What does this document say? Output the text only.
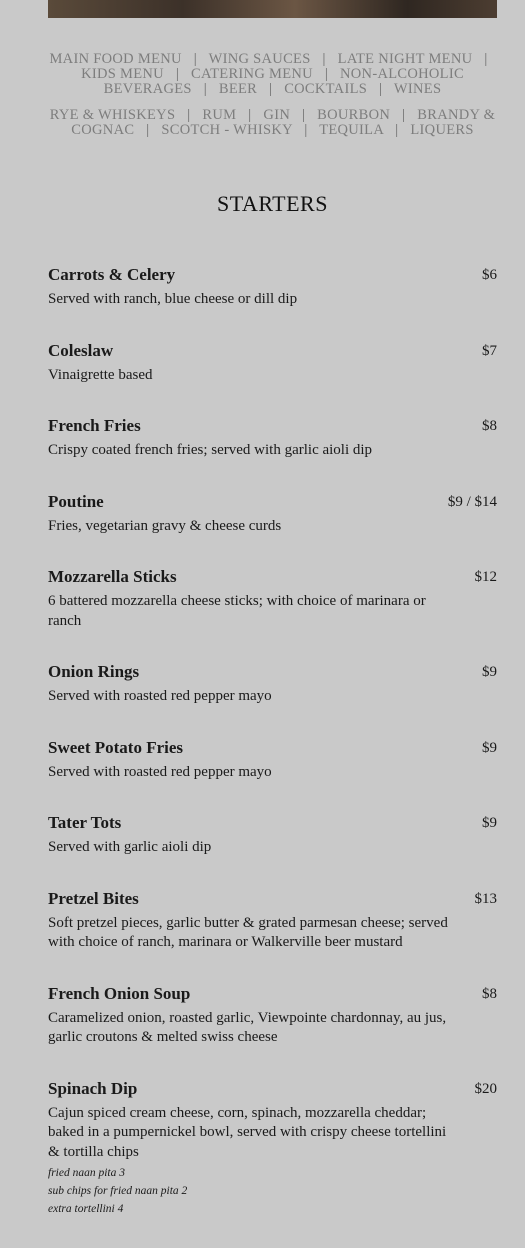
MAIN FOOD MENU | WING SAUCES | LATE NIGHT MENU | KIDS MENU | CATERING MENU | NON-ALCOHOLIC BEVERAGES | BEER | COCKTAILS | WINES
RYE & WHISKEYS | RUM | GIN | BOURBON | BRANDY & COGNAC | SCOTCH - WHISKY | TEQUILA | LIQUERS
STARTERS
Carrots & Celery	$6
Served with ranch, blue cheese or dill dip
Coleslaw	$7
Vinaigrette based
French Fries	$8
Crispy coated french fries; served with garlic aioli dip
Poutine	$9 / $14
Fries, vegetarian gravy & cheese curds
Mozzarella Sticks	$12
6 battered mozzarella cheese sticks; with choice of marinara or ranch
Onion Rings	$9
Served with roasted red pepper mayo
Sweet Potato Fries	$9
Served with roasted red pepper mayo
Tater Tots	$9
Served with garlic aioli dip
Pretzel Bites	$13
Soft pretzel pieces, garlic butter & grated parmesan cheese; served with choice of ranch, marinara or Walkerville beer mustard
French Onion Soup	$8
Caramelized onion, roasted garlic, Viewpointe chardonnay, au jus, garlic croutons & melted swiss cheese
Spinach Dip	$20
Cajun spiced cream cheese, corn, spinach, mozzarella cheddar; baked in a pumpernickel bowl, served with crispy cheese tortellini & tortilla chips
fried naan pita 3
sub chips for fried naan pita 2
extra tortellini 4
